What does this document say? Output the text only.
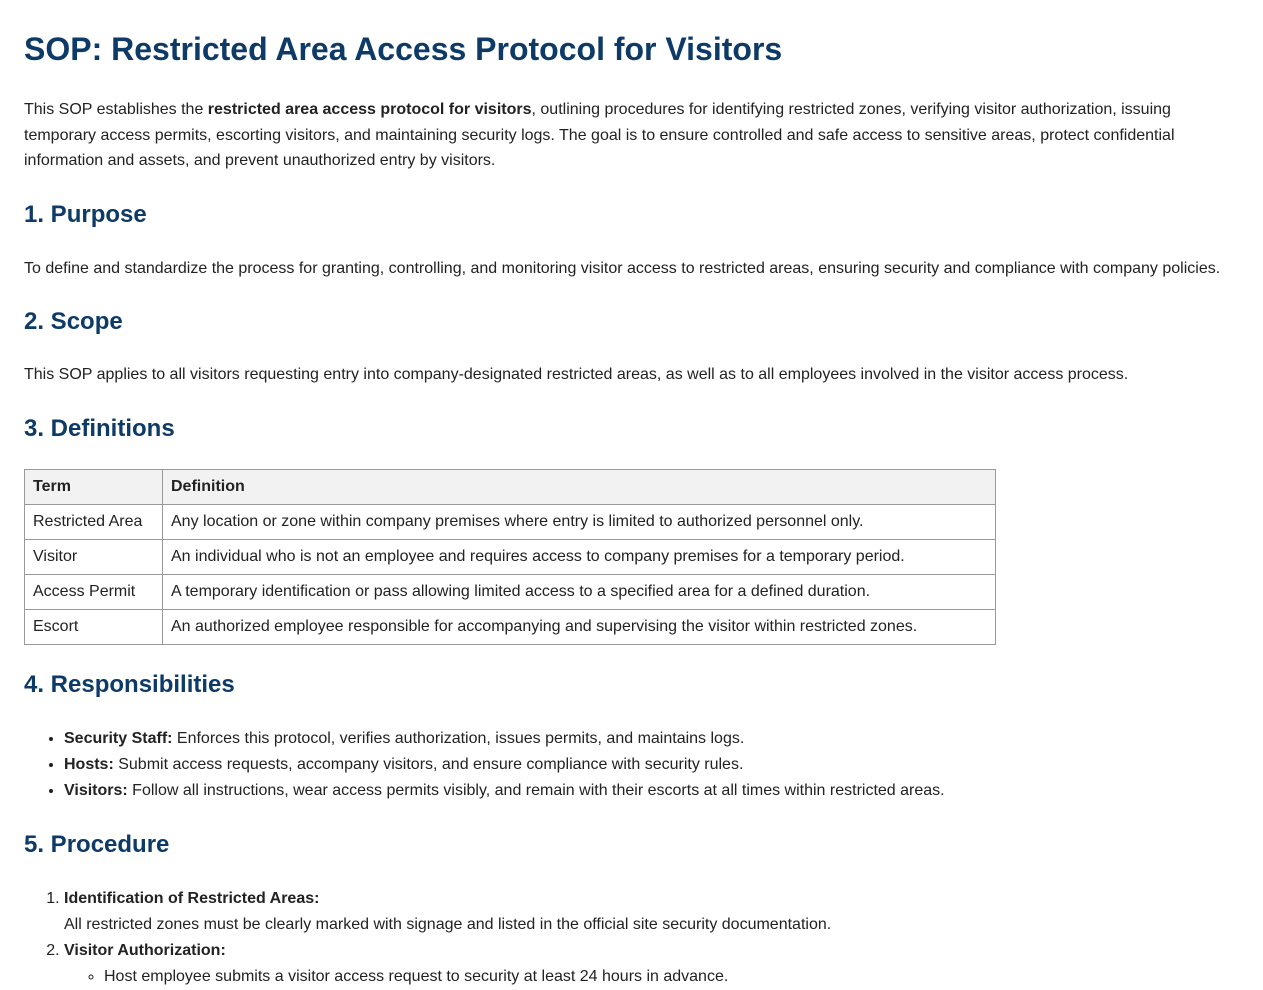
SOP: Restricted Area Access Protocol for Visitors

This SOP establishes the restricted area access protocol for visitors, outlining procedures for identifying restricted zones, verifying visitor authorization, issuing temporary access permits, escorting visitors, and maintaining security logs. The goal is to ensure controlled and safe access to sensitive areas, protect confidential information and assets, and prevent unauthorized entry by visitors.

1. Purpose

To define and standardize the process for granting, controlling, and monitoring visitor access to restricted areas, ensuring security and compliance with company policies.

2. Scope

This SOP applies to all visitors requesting entry into company-designated restricted areas, as well as to all employees involved in the visitor access process.

3. Definitions
Term	Definition
Restricted Area	Any location or zone within company premises where entry is limited to authorized personnel only.
Visitor	An individual who is not an employee and requires access to company premises for a temporary period.
Access Permit	A temporary identification or pass allowing limited access to a specified area for a defined duration.
Escort	An authorized employee responsible for accompanying and supervising the visitor within restricted zones.
4. Responsibilities
• Security Staff: Enforces this protocol, verifies authorization, issues permits, and maintains logs.
• Hosts: Submit access requests, accompany visitors, and ensure compliance with security rules.
• Visitors: Follow all instructions, wear access permits visibly, and remain with their escorts at all times within restricted areas.
5. Procedure
1. Identification of Restricted Areas:
All restricted zones must be clearly marked with signage and listed in the official site security documentation.
2. Visitor Authorization:
◦ Host employee submits a visitor access request to security at least 24 hours in advance.
